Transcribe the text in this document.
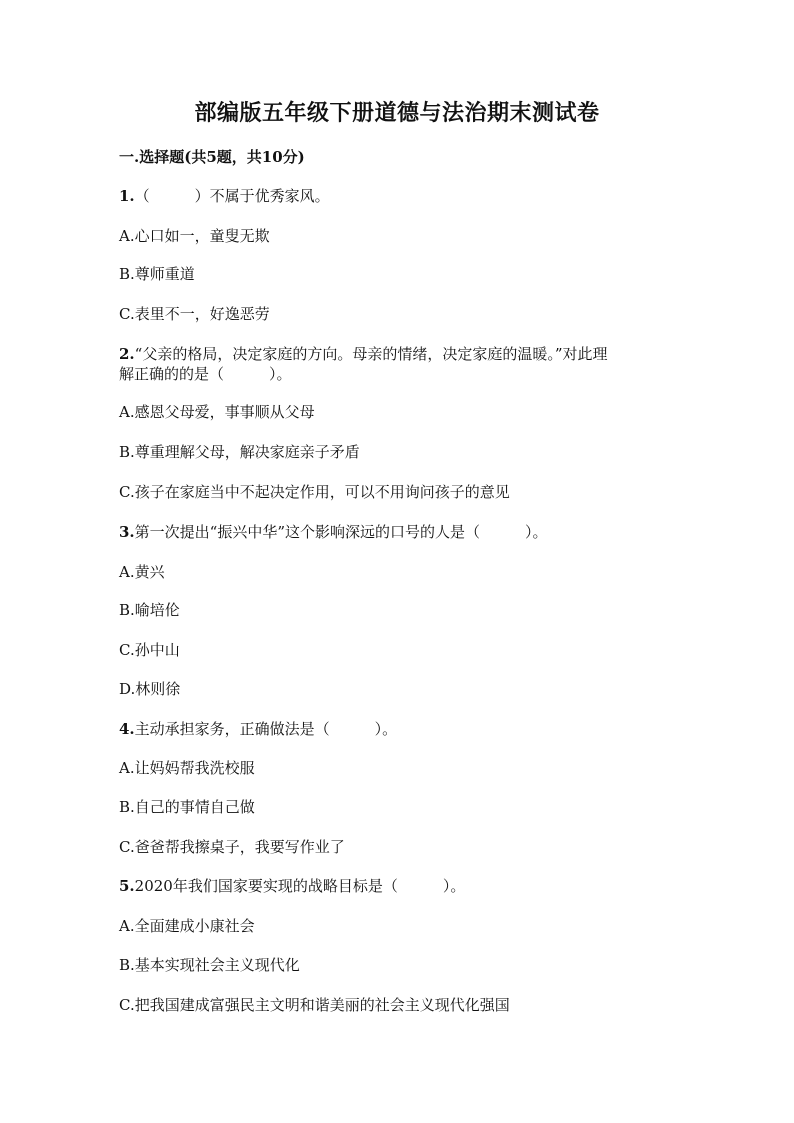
部编版五年级下册道德与法治期末测试卷
一.选择题(共5题，共10分)
1.（　　　）不属于优秀家风。
A.心口如一，童叟无欺
B.尊师重道
C.表里不一，好逸恶劳
2.“父亲的格局，决定家庭的方向。母亲的情绪，决定家庭的温暖。”对此理
解正确的的是（　　　）。
A.感恩父母爱，事事顺从父母
B.尊重理解父母，解决家庭亲子矛盾
C.孩子在家庭当中不起决定作用，可以不用询问孩子的意见
3.第一次提出“振兴中华”这个影响深远的口号的人是（　　　）。
A.黄兴
B.喻培伦
C.孙中山
D.林则徐
4.主动承担家务，正确做法是（　　　）。
A.让妈妈帮我洗校服
B.自己的事情自己做
C.爸爸帮我擦桌子，我要写作业了
5.2020年我们国家要实现的战略目标是（　　　）。
A.全面建成小康社会
B.基本实现社会主义现代化
C.把我国建成富强民主文明和谐美丽的社会主义现代化强国
